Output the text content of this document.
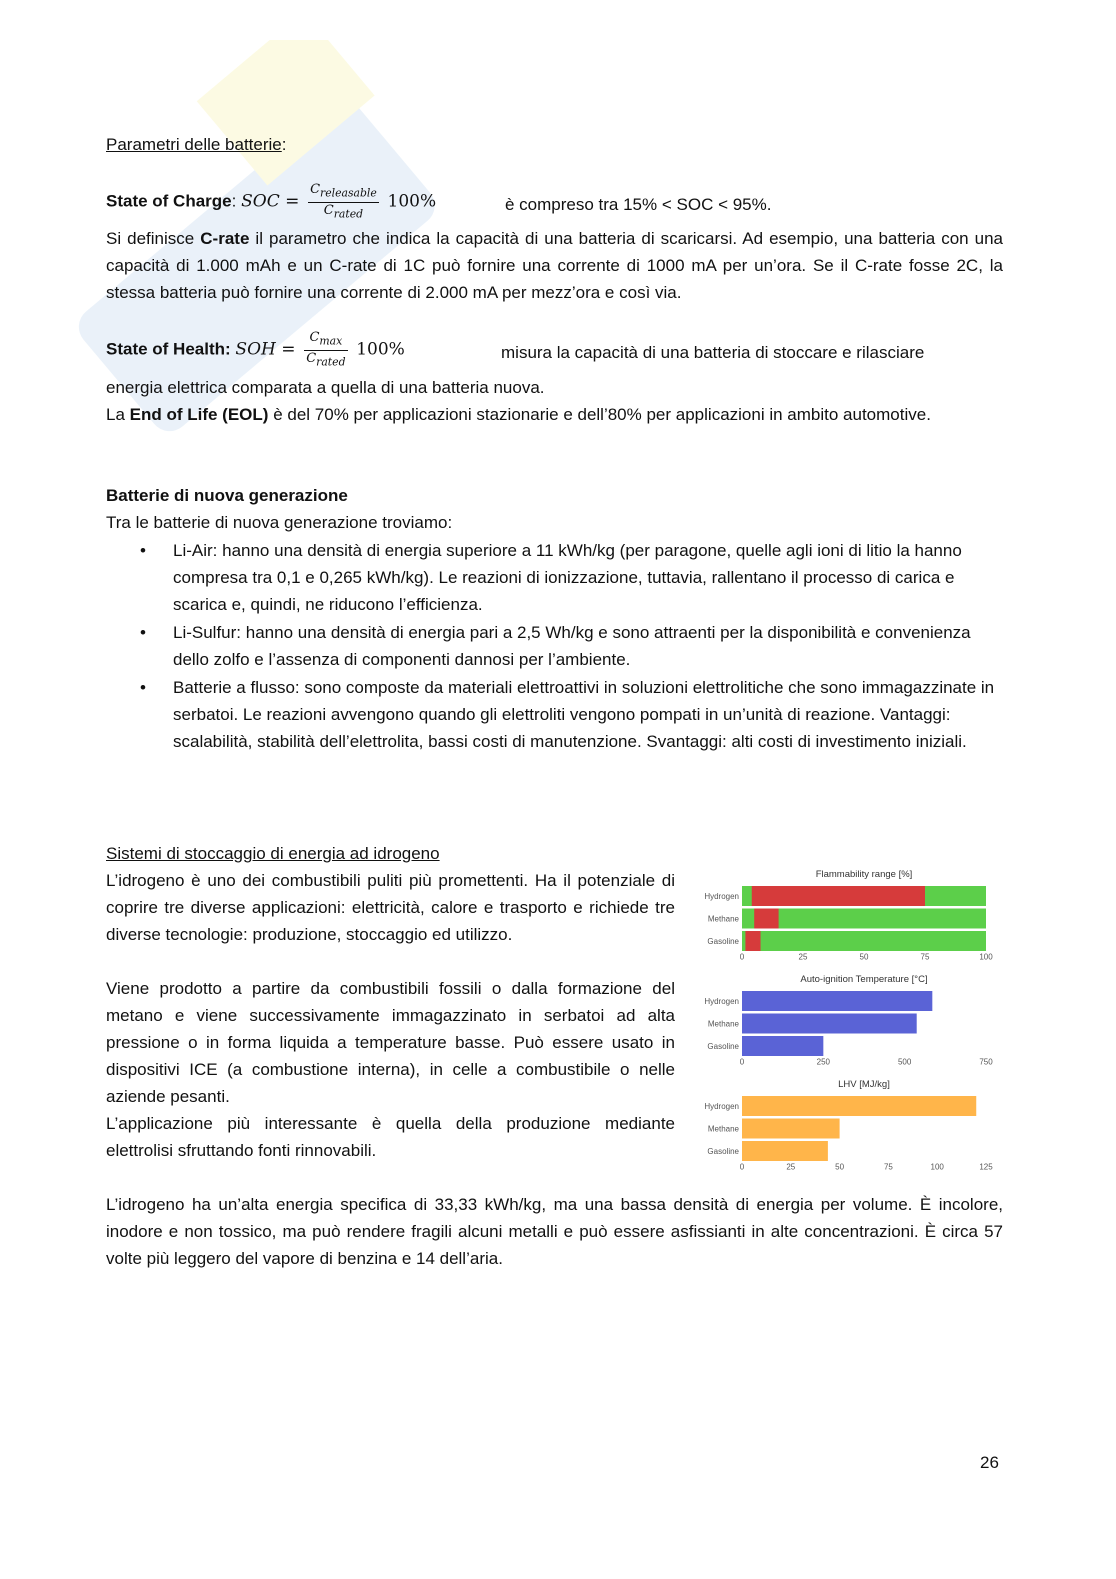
Parametri delle batterie:
State of Charge: SOC = $\frac{C_{releasable}}{C_{rated}} 100\%$	è compreso tra 15% < SOC < 95%.
Si definisce C-rate il parametro che indica la capacità di una batteria di scaricarsi. Ad esempio, una batteria con una capacità di 1.000 mAh e un C-rate di 1C può fornire una corrente di 1000 mA per un’ora. Se il C-rate fosse 2C, la stessa batteria può fornire una corrente di 2.000 mA per mezz’ora e così via.
State of Health: SOH = $\frac{C_{max}}{C_{rated}} 100\%$	misura la capacità di una batteria di stoccare e rilasciare
energia elettrica comparata a quella di una batteria nuova.
La End of Life (EOL) è del 70% per applicazioni stazionarie e dell’80% per applicazioni in ambito automotive.
Batterie di nuova generazione
Tra le batterie di nuova generazione troviamo:
• Li-Air: hanno una densità di energia superiore a 11 kWh/kg (per paragone, quelle agli ioni di litio la hanno compresa tra 0,1 e 0,265 kWh/kg). Le reazioni di ionizzazione, tuttavia, rallentano il processo di carica e scarica e, quindi, ne riducono l’efficienza.
• Li-Sulfur: hanno una densità di energia pari a 2,5 Wh/kg e sono attraenti per la disponibilità e convenienza dello zolfo e l’assenza di componenti dannosi per l’ambiente.
• Batterie a flusso: sono composte da materiali elettroattivi in soluzioni elettrolitiche che sono immagazzinate in serbatoi. Le reazioni avvengono quando gli elettroliti vengono pompati in un’unità di reazione. Vantaggi: scalabilità, stabilità dell’elettrolita, bassi costi di manutenzione. Svantaggi: alti costi di investimento iniziali.
Sistemi di stoccaggio di energia ad idrogeno
L’idrogeno è uno dei combustibili puliti più promettenti. Ha il potenziale di coprire tre diverse applicazioni: elettricità, calore e trasporto e richiede tre diverse tecnologie: produzione, stoccaggio ed utilizzo.
Viene prodotto a partire da combustibili fossili o dalla formazione del metano e viene successivamente immagazzinato in serbatoi ad alta pressione o in forma liquida a temperature basse. Può essere usato in dispositivi ICE (a combustione interna), in celle a combustibile o nelle aziende pesanti.
L’applicazione più interessante è quella della produzione mediante elettrolisi sfruttando fonti rinnovabili.
L’idrogeno ha un’alta energia specifica di 33,33 kWh/kg, ma una bassa densità di energia per volume. È incolore, inodore e non tossico, ma può rendere fragili alcuni metalli e può essere asfissianti in alte concentrazioni. È circa 57 volte più leggero del vapore di benzina e 14 dell’aria.
Flammability range [%]
Hydrogen
Methane
Gasoline
0	25	50	75	100
Auto-ignition Temperature [°C]
Hydrogen
Methane
Gasoline
0	250	500	750
LHV [MJ/kg]
Hydrogen
Methane
Gasoline
0	25	50	75	100	125
26
